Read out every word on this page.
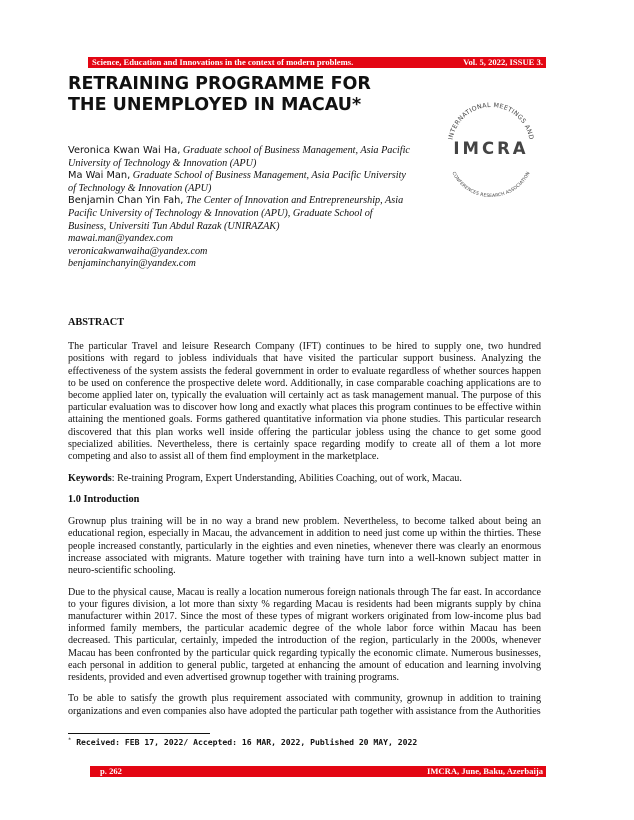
Science, Education and Innovations in the context of modern problems.	Vol. 5, 2022, ISSUE 3.
RETRAINING PROGRAMME FOR THE UNEMPLOYED IN MACAU*
INTERNATIONAL MEETINGS AND
CONFERENCES RESEARCH ASSOCIATION
IMCRA
Veronica Kwan Wai Ha, Graduate school of Business Management, Asia Pacific University of Technology & Innovation (APU)
Ma Wai Man, Graduate School of Business Management, Asia Pacific University of Technology & Innovation (APU)
Benjamin Chan Yin Fah, The Center of Innovation and Entrepreneurship, Asia Pacific University of Technology & Innovation (APU), Graduate School of Business, Universiti Tun Abdul Razak (UNIRAZAK)
mawai.man@yandex.com
veronicakwanwaiha@yandex.com
benjaminchanyin@yandex.com
ABSTRACT

The particular Travel and leisure Research Company (IFT) continues to be hired to supply one, two hundred positions with regard to jobless individuals that have visited the particular support business. Analyzing the effectiveness of the system assists the federal government in order to evaluate regardless of whether sources happen to be used on conference the prospective delete word. Additionally, in case comparable coaching applications are to become applied later on, typically the evaluation will certainly act as task management manual. The purpose of this particular evaluation was to discover how long and exactly what places this program continues to be effective within attaining the mentioned goals. Forms gathered quantitative information via phone studies. This particular research discovered that this plan works well inside offering the particular jobless using the chance to get some good specialized abilities. Nevertheless, there is certainly space regarding modify to create all of them a lot more competing and also to assist all of them find employment in the marketplace.

Keywords: Re-training Program, Expert Understanding, Abilities Coaching, out of work, Macau.

1.0 Introduction

Grownup plus training will be in no way a brand new problem. Nevertheless, to become talked about being an educational region, especially in Macau, the advancement in addition to need just come up within the thirties. These people increased constantly, particularly in the eighties and even nineties, whenever there was clearly an enormous increase associated with migrants. Mature together with training have turn into a well-known subject matter in neuro-scientific schooling.

Due to the physical cause, Macau is really a location numerous foreign nationals through The far east. In accordance to your figures division, a lot more than sixty % regarding Macau is residents had been migrants supply by china manufacturer within 2017. Since the most of these types of migrant workers originated from low-income plus bad informed family members, the particular academic degree of the whole labor force within Macau has been decreased. This particular, certainly, impeded the introduction of the region, particularly in the 2000s, whenever Macau has been confronted by the particular quick regarding typically the economic climate. Numerous businesses, each personal in addition to general public, targeted at enhancing the amount of education and learning involving residents, provided and even advertised grownup together with training programs.

To be able to satisfy the growth plus requirement associated with community, grownup in addition to training organizations and even companies also have adopted the particular path together with assistance from the Authorities

* Received: FEB 17, 2022/ Accepted: 16 MAR, 2022, Published 20 MAY, 2022
p. 262	IMCRA, June, Baku, Azerbaija
